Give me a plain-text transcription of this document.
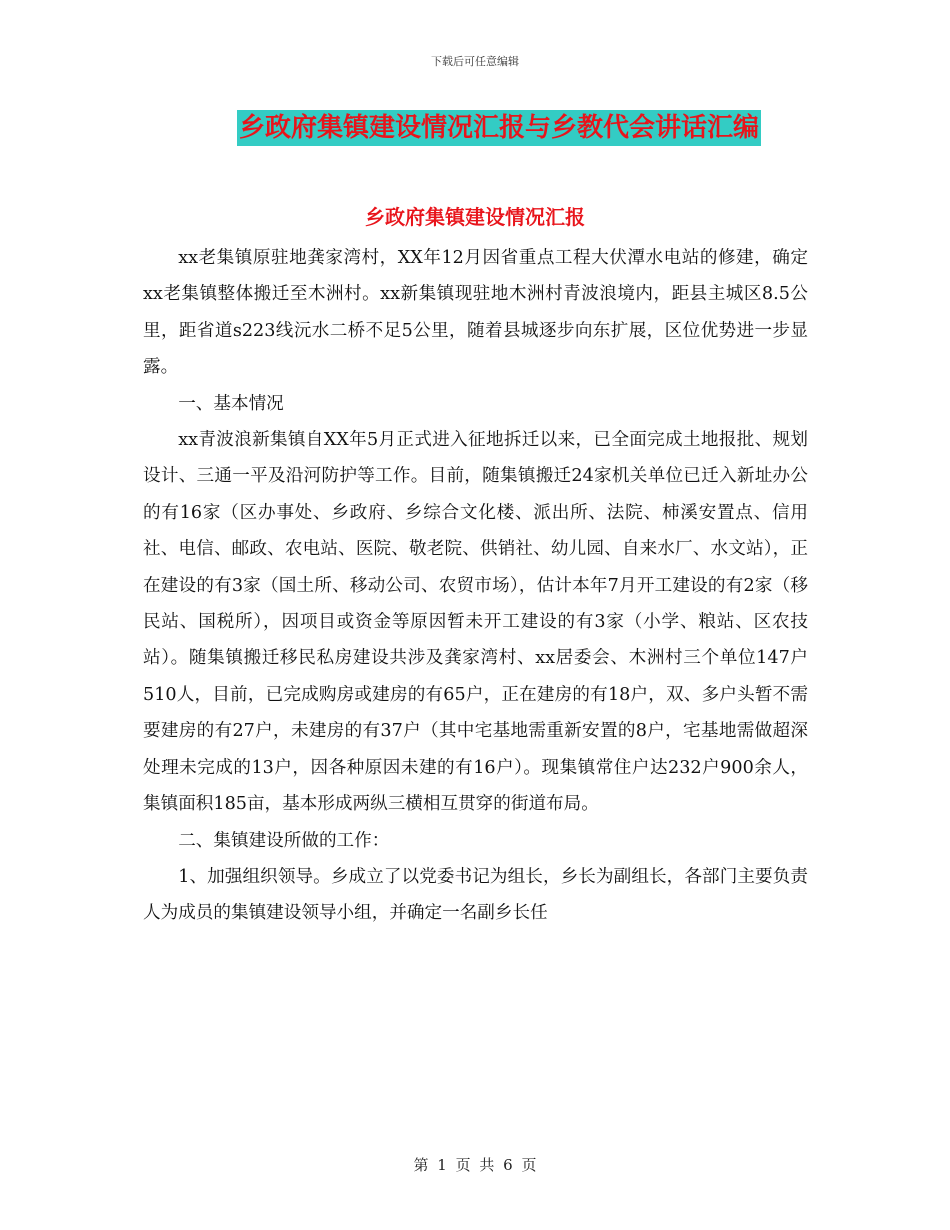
下载后可任意编辑
乡政府集镇建设情况汇报与乡教代会讲话汇编
乡政府集镇建设情况汇报

xx老集镇原驻地龚家湾村，XX年12月因省重点工程大伏潭水电站的修建，确定xx老集镇整体搬迁至木洲村。xx新集镇现驻地木洲村青波浪境内，距县主城区8.5公里，距省道s223线沅水二桥不足5公里，随着县城逐步向东扩展，区位优势进一步显露。

一、基本情况

xx青波浪新集镇自XX年5月正式进入征地拆迁以来，已全面完成土地报批、规划设计、三通一平及沿河防护等工作。目前，随集镇搬迁24家机关单位已迁入新址办公的有16家（区办事处、乡政府、乡综合文化楼、派出所、法院、柿溪安置点、信用社、电信、邮政、农电站、医院、敬老院、供销社、幼儿园、自来水厂、水文站），正在建设的有3家（国土所、移动公司、农贸市场），估计本年7月开工建设的有2家（移民站、国税所），因项目或资金等原因暂未开工建设的有3家（小学、粮站、区农技站）。随集镇搬迁移民私房建设共涉及龚家湾村、xx居委会、木洲村三个单位147户510人，目前，已完成购房或建房的有65户，正在建房的有18户，双、多户头暂不需要建房的有27户，未建房的有37户（其中宅基地需重新安置的8户，宅基地需做超深处理未完成的13户，因各种原因未建的有16户）。现集镇常住户达232户900余人，集镇面积185亩，基本形成两纵三横相互贯穿的街道布局。

二、集镇建设所做的工作：

1、加强组织领导。乡成立了以党委书记为组长，乡长为副组长，各部门主要负责人为成员的集镇建设领导小组，并确定一名副乡长任

第 1 页 共 6 页
